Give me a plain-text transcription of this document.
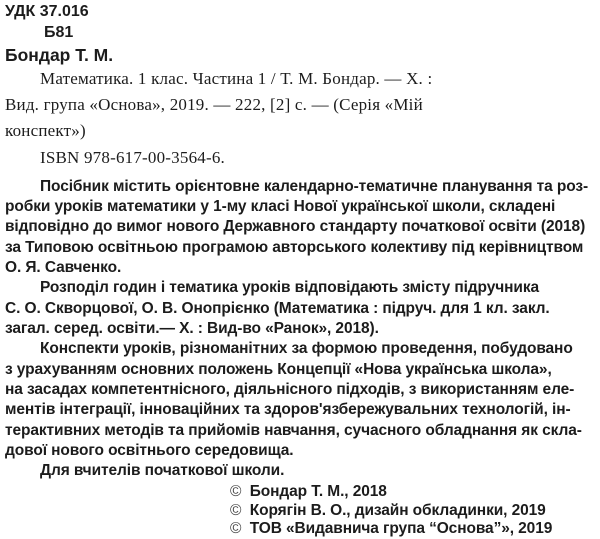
УДК 37.016
Б81
Бондар Т. М.
Математика. 1 клас. Частина 1 / Т. М. Бондар. — Х. :
Вид. група «Основа», 2019. — 222, [2] с. — (Серія «Мій
конспект»)
ISBN 978-617-00-3564-6.
Посібник містить орієнтовне календарно-тематичне планування та роз-
робки уроків математики у 1-му класі Нової української школи, складені
відповідно до вимог нового Державного стандарту початкової освіти (2018)
за Типовою освітньою програмою авторського колективу під керівництвом
О. Я. Савченко.
Розподіл годин і тематика уроків відповідають змісту підручника
С. О. Скворцової, О. В. Онопрієнко (Математика : підруч. для 1 кл. закл.
загал. серед. освіти.— Х. : Вид-во «Ранок», 2018).
Конспекти уроків, різноманітних за формою проведення, побудовано
з урахуванням основних положень Концепції «Нова українська школа»,
на засадах компетентнісного, діяльнісного підходів, з використанням еле-
ментів інтеграції, інноваційних та здоров'язбережувальних технологій, ін-
терактивних методів та прийомів навчання, сучасного обладнання як скла-
дової нового освітнього середовища.
Для вчителів початкової школи.
© Бондар Т. М., 2018
© Корягін В. О., дизайн обкладинки, 2019
© ТОВ «Видавнича група “Основа”», 2019
